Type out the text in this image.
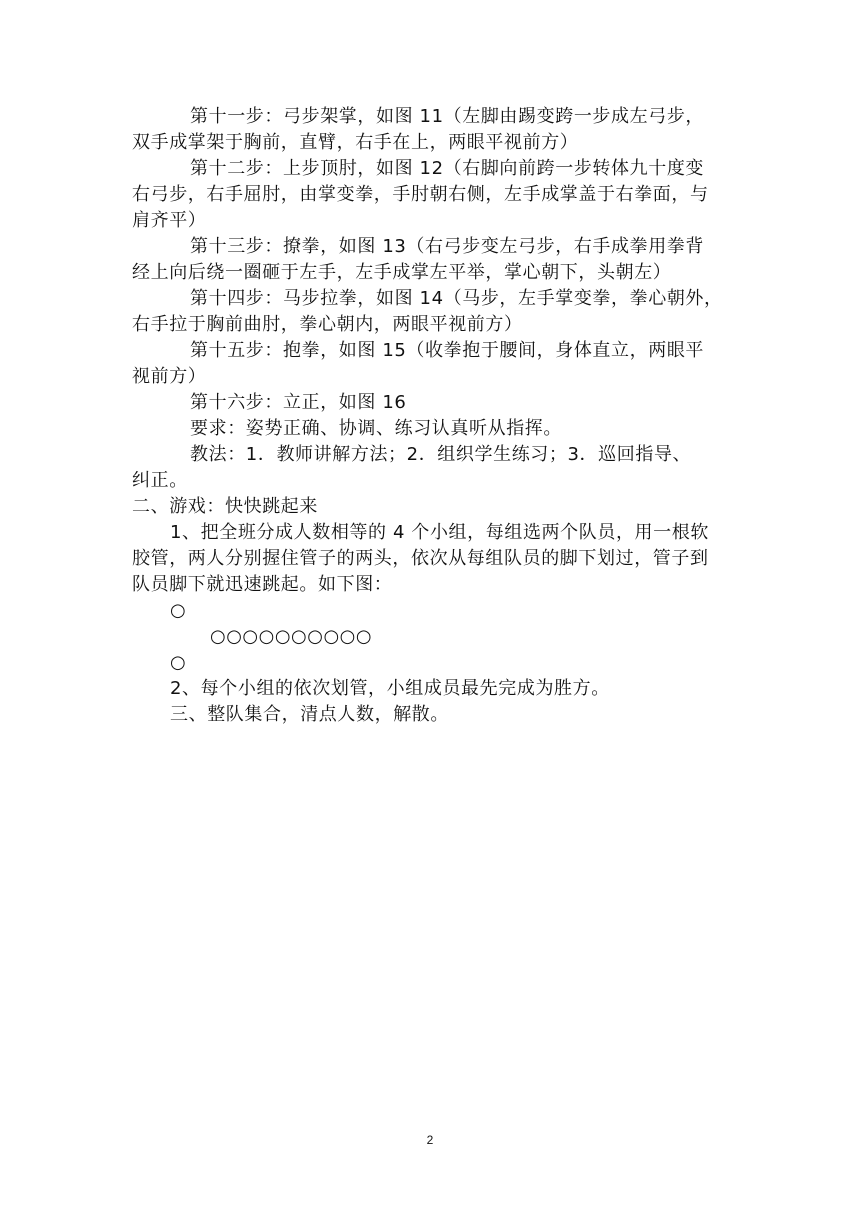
第十一步：弓步架掌，如图 11（左脚由踢变跨一步成左弓步，
双手成掌架于胸前，直臂，右手在上，两眼平视前方）
第十二步：上步顶肘，如图 12（右脚向前跨一步转体九十度变
右弓步，右手屈肘，由掌变拳，手肘朝右侧，左手成掌盖于右拳面，与
肩齐平）
第十三步：撩拳，如图 13（右弓步变左弓步，右手成拳用拳背
经上向后绕一圈砸于左手，左手成掌左平举，掌心朝下，头朝左）
第十四步：马步拉拳，如图 14（马步，左手掌变拳，拳心朝外，
右手拉于胸前曲肘，拳心朝内，两眼平视前方）
第十五步：抱拳，如图 15（收拳抱于腰间，身体直立，两眼平
视前方）
第十六步：立正，如图 16
要求：姿势正确、协调、练习认真听从指挥。
教法：1．教师讲解方法；2．组织学生练习；3．巡回指导、
纠正。
二、游戏：快快跳起来
1、把全班分成人数相等的 4 个小组，每组选两个队员，用一根软
胶管，两人分别握住管子的两头，依次从每组队员的脚下划过，管子到
队员脚下就迅速跳起。如下图：
○
○○○○○○○○○○
○
2、每个小组的依次划管，小组成员最先完成为胜方。
三、整队集合，清点人数，解散。
2
